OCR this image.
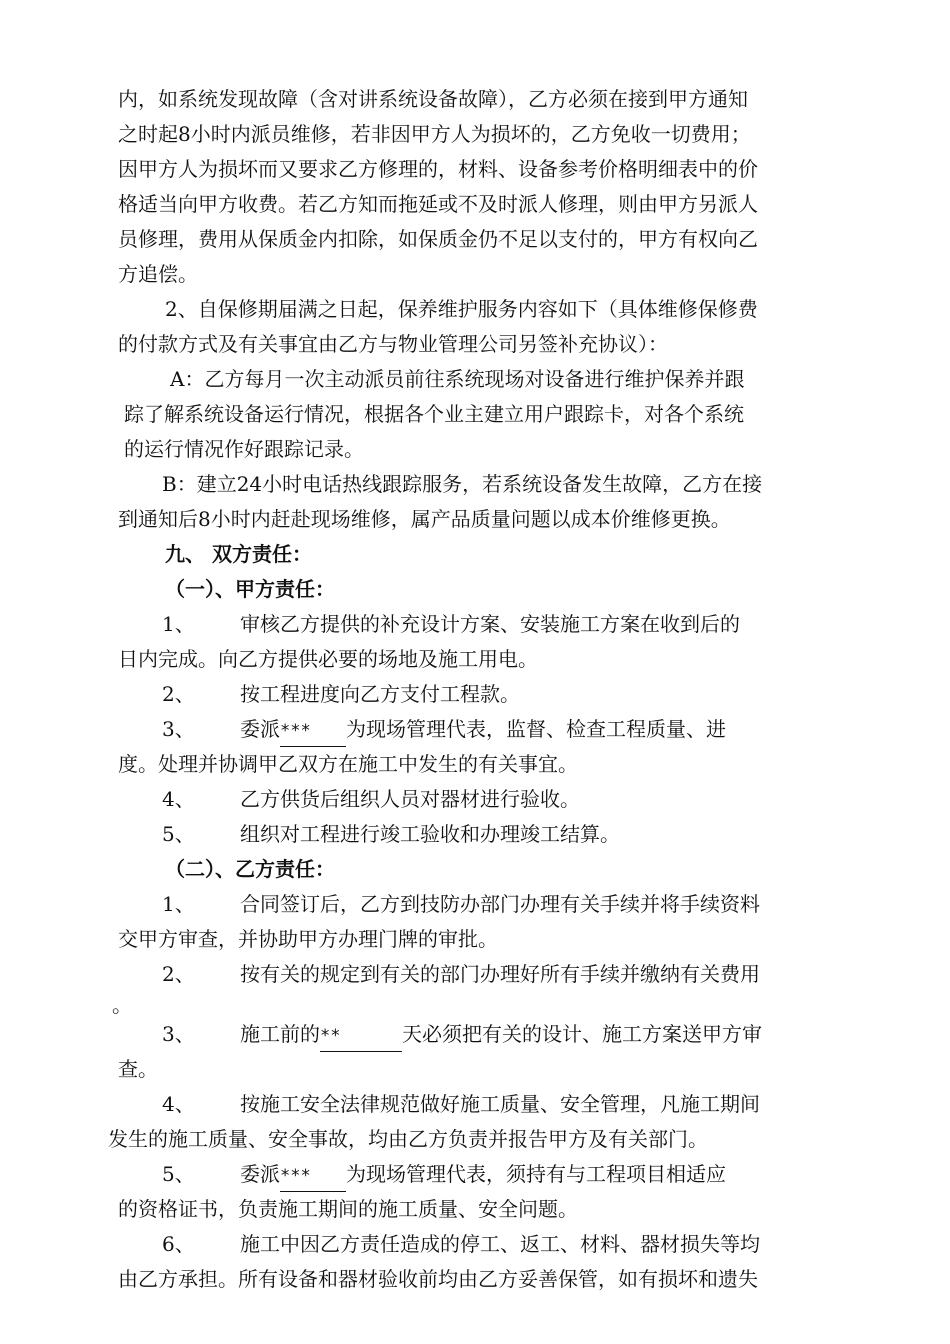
内，如系统发现故障（含对讲系统设备故障），乙方必须在接到甲方通知
之时起8小时内派员维修，若非因甲方人为损坏的，乙方免收一切费用；
因甲方人为损坏而又要求乙方修理的，材料、设备参考价格明细表中的价
格适当向甲方收费。若乙方知而拖延或不及时派人修理，则由甲方另派人
员修理，费用从保质金内扣除，如保质金仍不足以支付的，甲方有权向乙
方追偿。
2、自保修期届满之日起，保养维护服务内容如下（具体维修保修费
的付款方式及有关事宜由乙方与物业管理公司另签补充协议）：
A：乙方每月一次主动派员前往系统现场对设备进行维护保养并跟
踪了解系统设备运行情况，根据各个业主建立用户跟踪卡，对各个系统
的运行情况作好跟踪记录。
B：建立24小时电话热线跟踪服务，若系统设备发生故障，乙方在接
到通知后8小时内赶赴现场维修，属产品质量问题以成本价维修更换。
九、 双方责任：
（一）、甲方责任：
1、 审核乙方提供的补充设计方案、安装施工方案在收到后的
日内完成。向乙方提供必要的场地及施工用电。
2、 按工程进度向乙方支付工程款。
3、 委派*** 为现场管理代表，监督、检查工程质量、进
度。处理并协调甲乙双方在施工中发生的有关事宜。
4、 乙方供货后组织人员对器材进行验收。
5、 组织对工程进行竣工验收和办理竣工结算。
（二）、乙方责任：
1、 合同签订后，乙方到技防办部门办理有关手续并将手续资料
交甲方审查，并协助甲方办理门牌的审批。
2、 按有关的规定到有关的部门办理好所有手续并缴纳有关费用
。
3、 施工前的**	天必须把有关的设计、施工方案送甲方审
查。
4、 按施工安全法律规范做好施工质量、安全管理，凡施工期间
发生的施工质量、安全事故，均由乙方负责并报告甲方及有关部门。
5、 委派*** 为现场管理代表，须持有与工程项目相适应
的资格证书，负责施工期间的施工质量、安全问题。
6、 施工中因乙方责任造成的停工、返工、材料、器材损失等均
由乙方承担。所有设备和器材验收前均由乙方妥善保管，如有损坏和遗失
